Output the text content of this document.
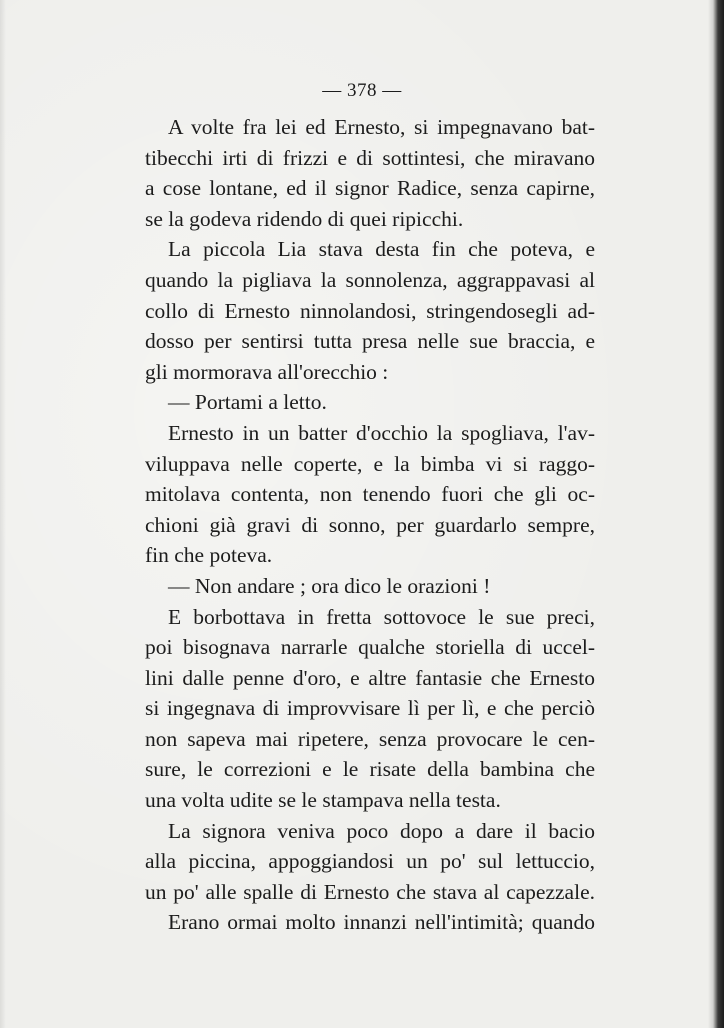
— 378 —
A volte fra lei ed Ernesto, si impegnavano bat-
tibecchi irti di frizzi e di sottintesi, che miravano
a cose lontane, ed il signor Radice, senza capirne,
se la godeva ridendo di quei ripicchi.
La piccola Lia stava desta fin che poteva, e
quando la pigliava la sonnolenza, aggrappavasi al
collo di Ernesto ninnolandosi, stringendosegli ad-
dosso per sentirsi tutta presa nelle sue braccia, e
gli mormorava all'orecchio :
— Portami a letto.
Ernesto in un batter d'occhio la spogliava, l'av-
viluppava nelle coperte, e la bimba vi si raggo-
mitolava contenta, non tenendo fuori che gli oc-
chioni già gravi di sonno, per guardarlo sempre,
fin che poteva.
— Non andare ; ora dico le orazioni !
E borbottava in fretta sottovoce le sue preci,
poi bisognava narrarle qualche storiella di uccel-
lini dalle penne d'oro, e altre fantasie che Ernesto
si ingegnava di improvvisare lì per lì, e che perciò
non sapeva mai ripetere, senza provocare le cen-
sure, le correzioni e le risate della bambina che
una volta udite se le stampava nella testa.
La signora veniva poco dopo a dare il bacio
alla piccina, appoggiandosi un po' sul lettuccio,
un po' alle spalle di Ernesto che stava al capezzale.
Erano ormai molto innanzi nell'intimità; quando
